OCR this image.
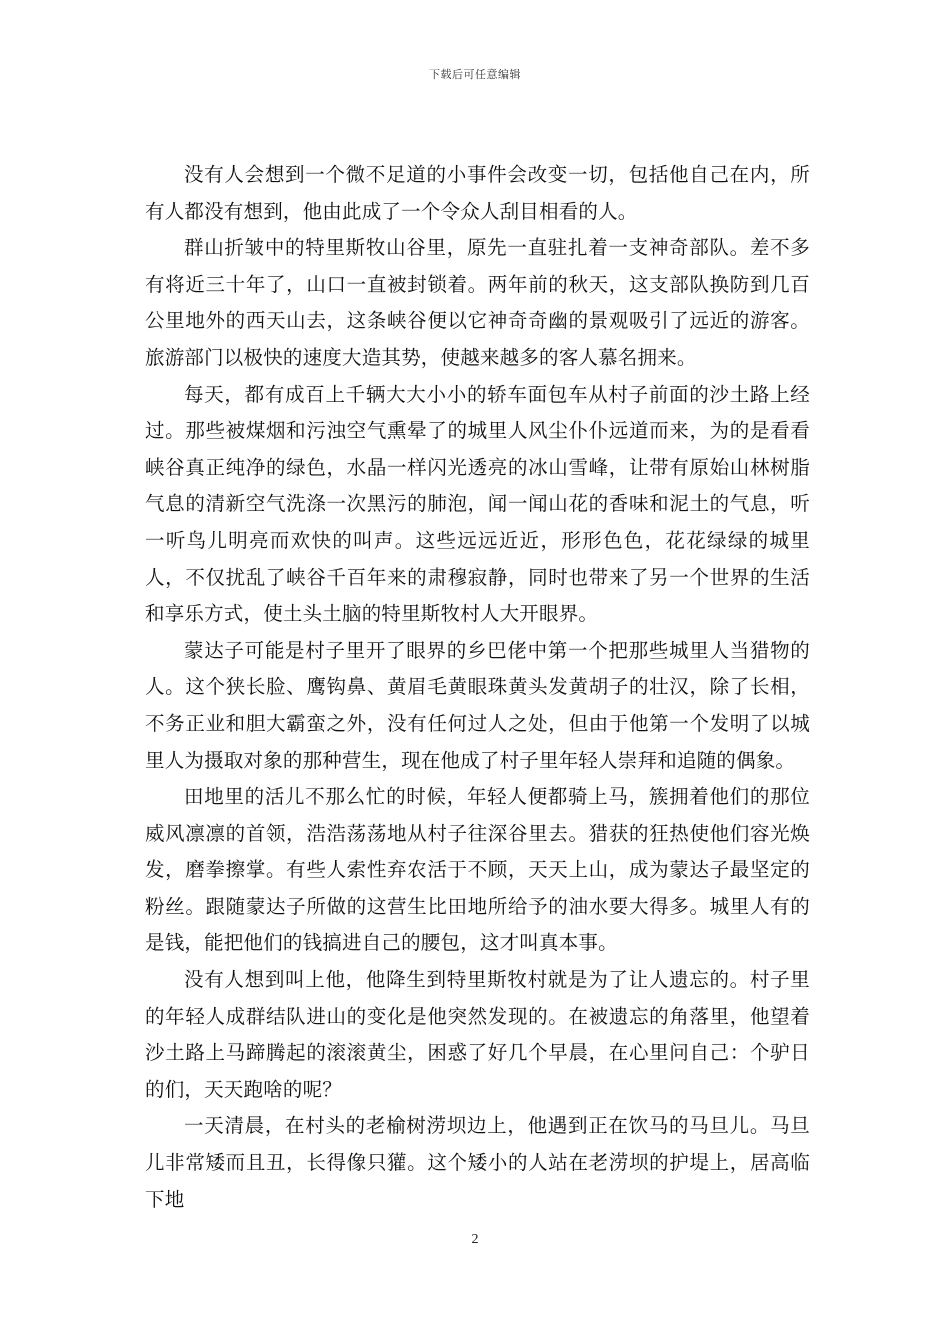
下载后可任意编辑

没有人会想到一个微不足道的小事件会改变一切，包括他自己在内，所有人都没有想到，他由此成了一个令众人刮目相看的人。

群山折皱中的特里斯牧山谷里，原先一直驻扎着一支神奇部队。差不多有将近三十年了，山口一直被封锁着。两年前的秋天，这支部队换防到几百公里地外的西天山去，这条峡谷便以它神奇奇幽的景观吸引了远近的游客。旅游部门以极快的速度大造其势，使越来越多的客人慕名拥来。

每天，都有成百上千辆大大小小的轿车面包车从村子前面的沙土路上经过。那些被煤烟和污浊空气熏晕了的城里人风尘仆仆远道而来，为的是看看峡谷真正纯净的绿色，水晶一样闪光透亮的冰山雪峰，让带有原始山林树脂气息的清新空气洗涤一次黑污的肺泡，闻一闻山花的香味和泥土的气息，听一听鸟儿明亮而欢快的叫声。这些远远近近，形形色色，花花绿绿的城里人，不仅扰乱了峡谷千百年来的肃穆寂静，同时也带来了另一个世界的生活和享乐方式，使土头土脑的特里斯牧村人大开眼界。

蒙达子可能是村子里开了眼界的乡巴佬中第一个把那些城里人当猎物的人。这个狭长脸、鹰钩鼻、黄眉毛黄眼珠黄头发黄胡子的壮汉，除了长相，不务正业和胆大霸蛮之外，没有任何过人之处，但由于他第一个发明了以城里人为摄取对象的那种营生，现在他成了村子里年轻人崇拜和追随的偶象。

田地里的活儿不那么忙的时候，年轻人便都骑上马，簇拥着他们的那位威风凛凛的首领，浩浩荡荡地从村子往深谷里去。猎获的狂热使他们容光焕发，磨拳擦掌。有些人索性弃农活于不顾，天天上山，成为蒙达子最坚定的粉丝。跟随蒙达子所做的这营生比田地所给予的油水要大得多。城里人有的是钱，能把他们的钱搞进自己的腰包，这才叫真本事。

没有人想到叫上他，他降生到特里斯牧村就是为了让人遗忘的。村子里的年轻人成群结队进山的变化是他突然发现的。在被遗忘的角落里，他望着沙土路上马蹄腾起的滚滚黄尘，困惑了好几个早晨，在心里问自己：个驴日的们，天天跑啥的呢？

一天清晨，在村头的老榆树涝坝边上，他遇到正在饮马的马旦儿。马旦儿非常矮而且丑，长得像只獾。这个矮小的人站在老涝坝的护堤上，居高临下地

2
